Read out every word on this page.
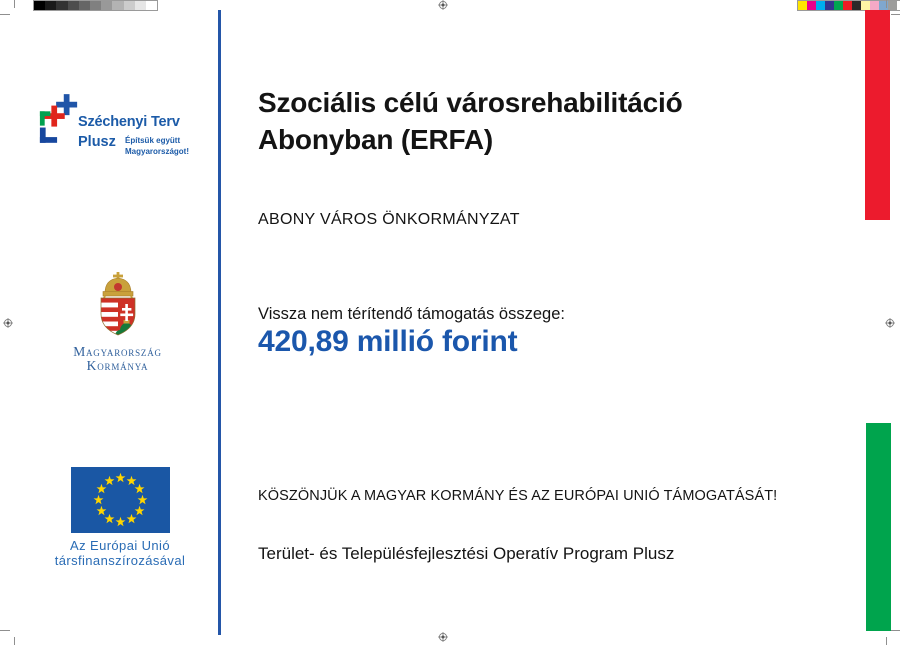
Széchenyi Terv
Plusz Építsük együtt
Magyarországot!
Magyarország
Kormánya
Az Európai Unió
társfinanszírozásával
Szociális célú városrehabilitáció
Abonyban (ERFA)
ABONY VÁROS ÖNKORMÁNYZAT
Vissza nem térítendő támogatás összege:
420,89 millió forint
KÖSZÖNJÜK A MAGYAR KORMÁNY ÉS AZ EURÓPAI UNIÓ TÁMOGATÁSÁT!
Terület- és Településfejlesztési Operatív Program Plusz
